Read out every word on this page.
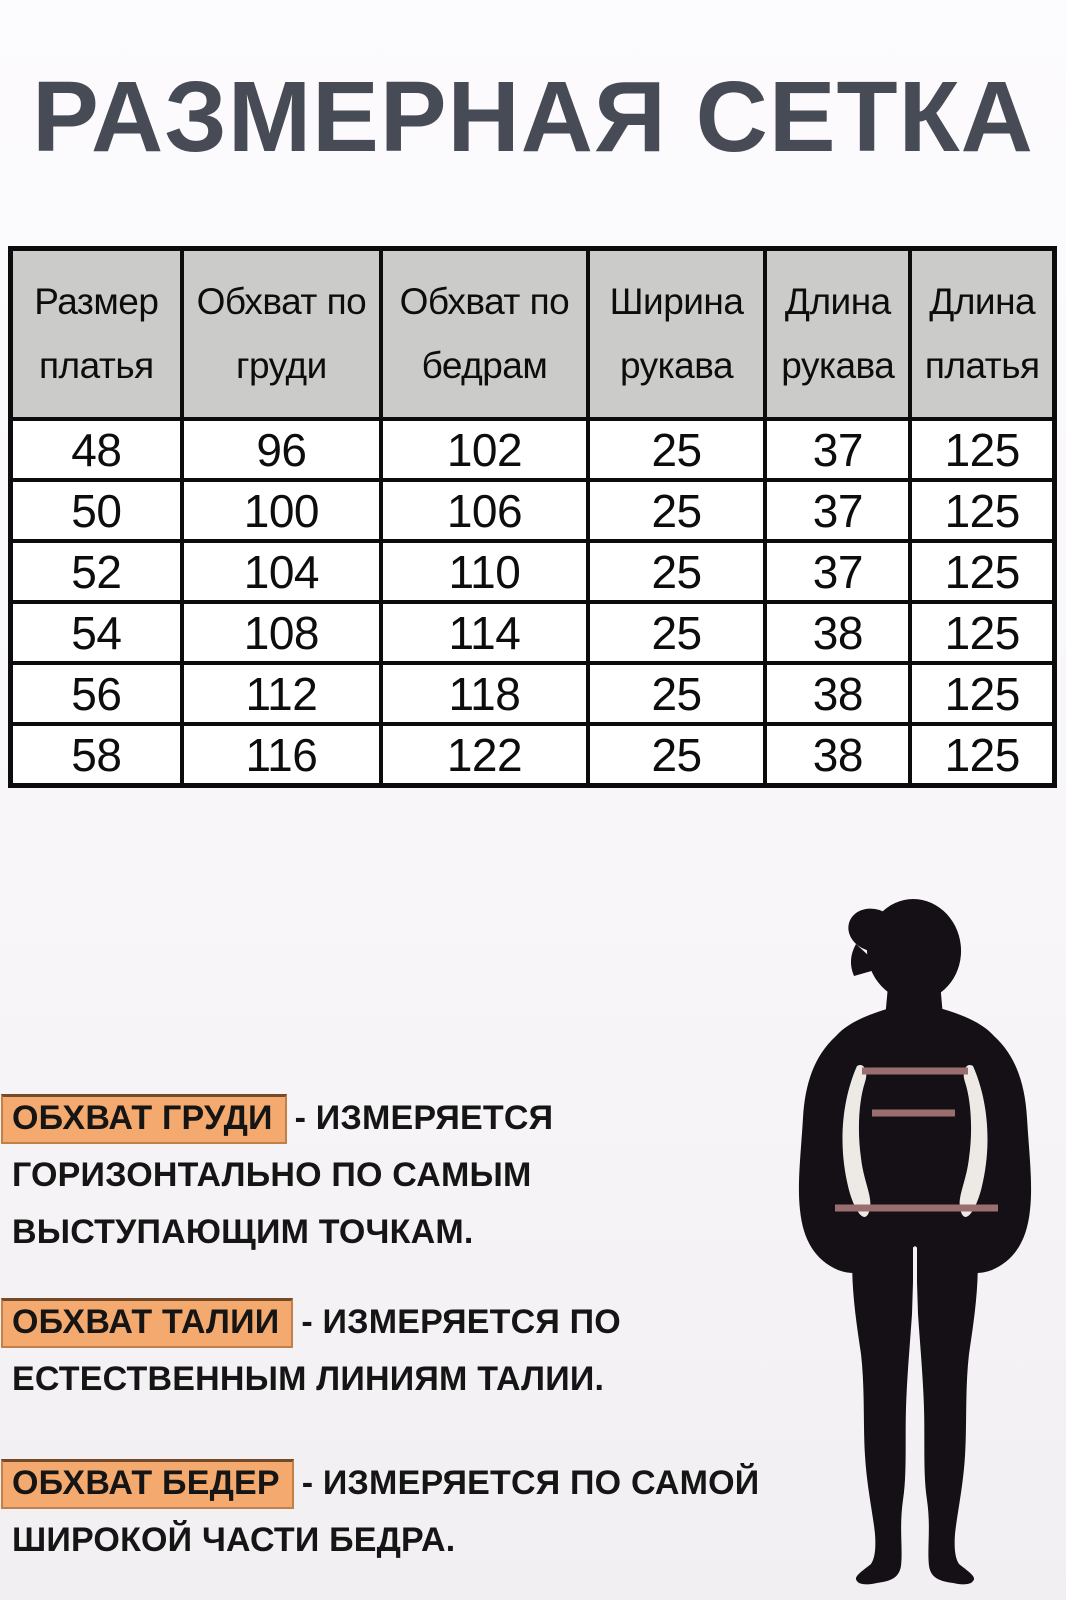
РАЗМЕРНАЯ СЕТКА
Размер платья	Обхват по груди	Обхват по бедрам	Ширина рукава	Длина рукава	Длина платья
48	96	102	25	37	125
50	100	106	25	37	125
52	104	110	25	37	125
54	108	114	25	38	125
56	112	118	25	38	125
58	116	122	25	38	125

ОБХВАТ ГРУДИ - ИЗМЕРЯЕТСЯ ГОРИЗОНТАЛЬНО ПО САМЫМ ВЫСТУПАЮЩИМ ТОЧКАМ.

ОБХВАТ ТАЛИИ - ИЗМЕРЯЕТСЯ ПО ЕСТЕСТВЕННЫМ ЛИНИЯМ ТАЛИИ.

ОБХВАТ БЕДЕР - ИЗМЕРЯЕТСЯ ПО САМОЙ ШИРОКОЙ ЧАСТИ БЕДРА.
